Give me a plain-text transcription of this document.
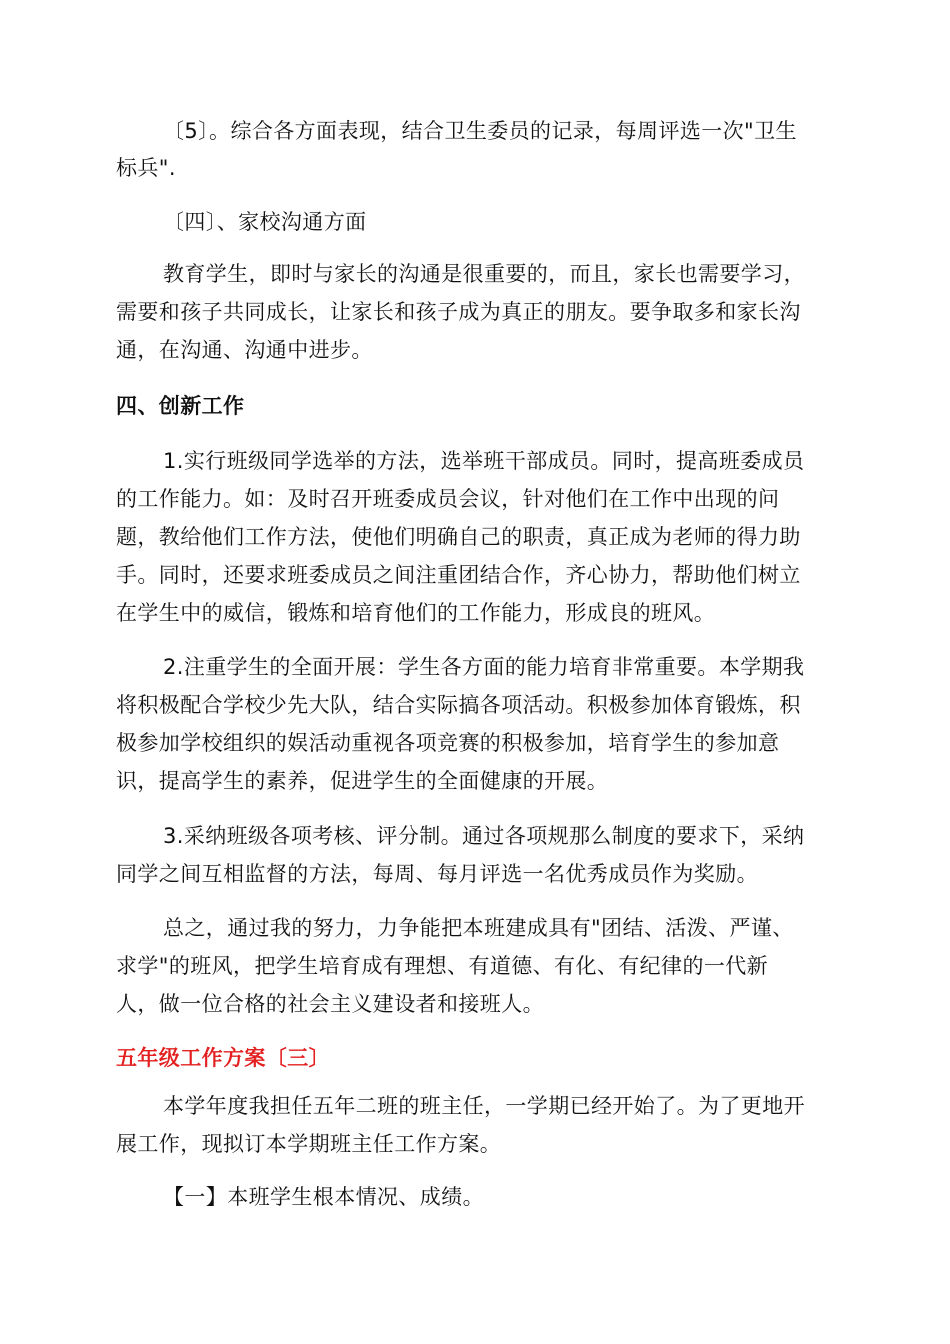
〔5〕。综合各方面表现，结合卫生委员的记录，每周评选一次"卫生
标兵".
〔四〕、家校沟通方面
教育学生，即时与家长的沟通是很重要的，而且，家长也需要学习，
需要和孩子共同成长，让家长和孩子成为真正的朋友。要争取多和家长沟
通，在沟通、沟通中进步。
四、创新工作
1.实行班级同学选举的方法，选举班干部成员。同时，提高班委成员
的工作能力。如：及时召开班委成员会议，针对他们在工作中出现的问
题，教给他们工作方法，使他们明确自己的职责，真正成为老师的得力助
手。同时，还要求班委成员之间注重团结合作，齐心协力，帮助他们树立
在学生中的威信，锻炼和培育他们的工作能力，形成良的班风。
2.注重学生的全面开展：学生各方面的能力培育非常重要。本学期我
将积极配合学校少先大队，结合实际搞各项活动。积极参加体育锻炼，积
极参加学校组织的娱活动重视各项竞赛的积极参加，培育学生的参加意
识，提高学生的素养，促进学生的全面健康的开展。
3.采纳班级各项考核、评分制。通过各项规那么制度的要求下，采纳
同学之间互相监督的方法，每周、每月评选一名优秀成员作为奖励。
总之，通过我的努力，力争能把本班建成具有"团结、活泼、严谨、
求学"的班风，把学生培育成有理想、有道德、有化、有纪律的一代新
人，做一位合格的社会主义建设者和接班人。
五年级工作方案〔三〕
本学年度我担任五年二班的班主任，一学期已经开始了。为了更地开
展工作，现拟订本学期班主任工作方案。
【一】本班学生根本情况、成绩。
